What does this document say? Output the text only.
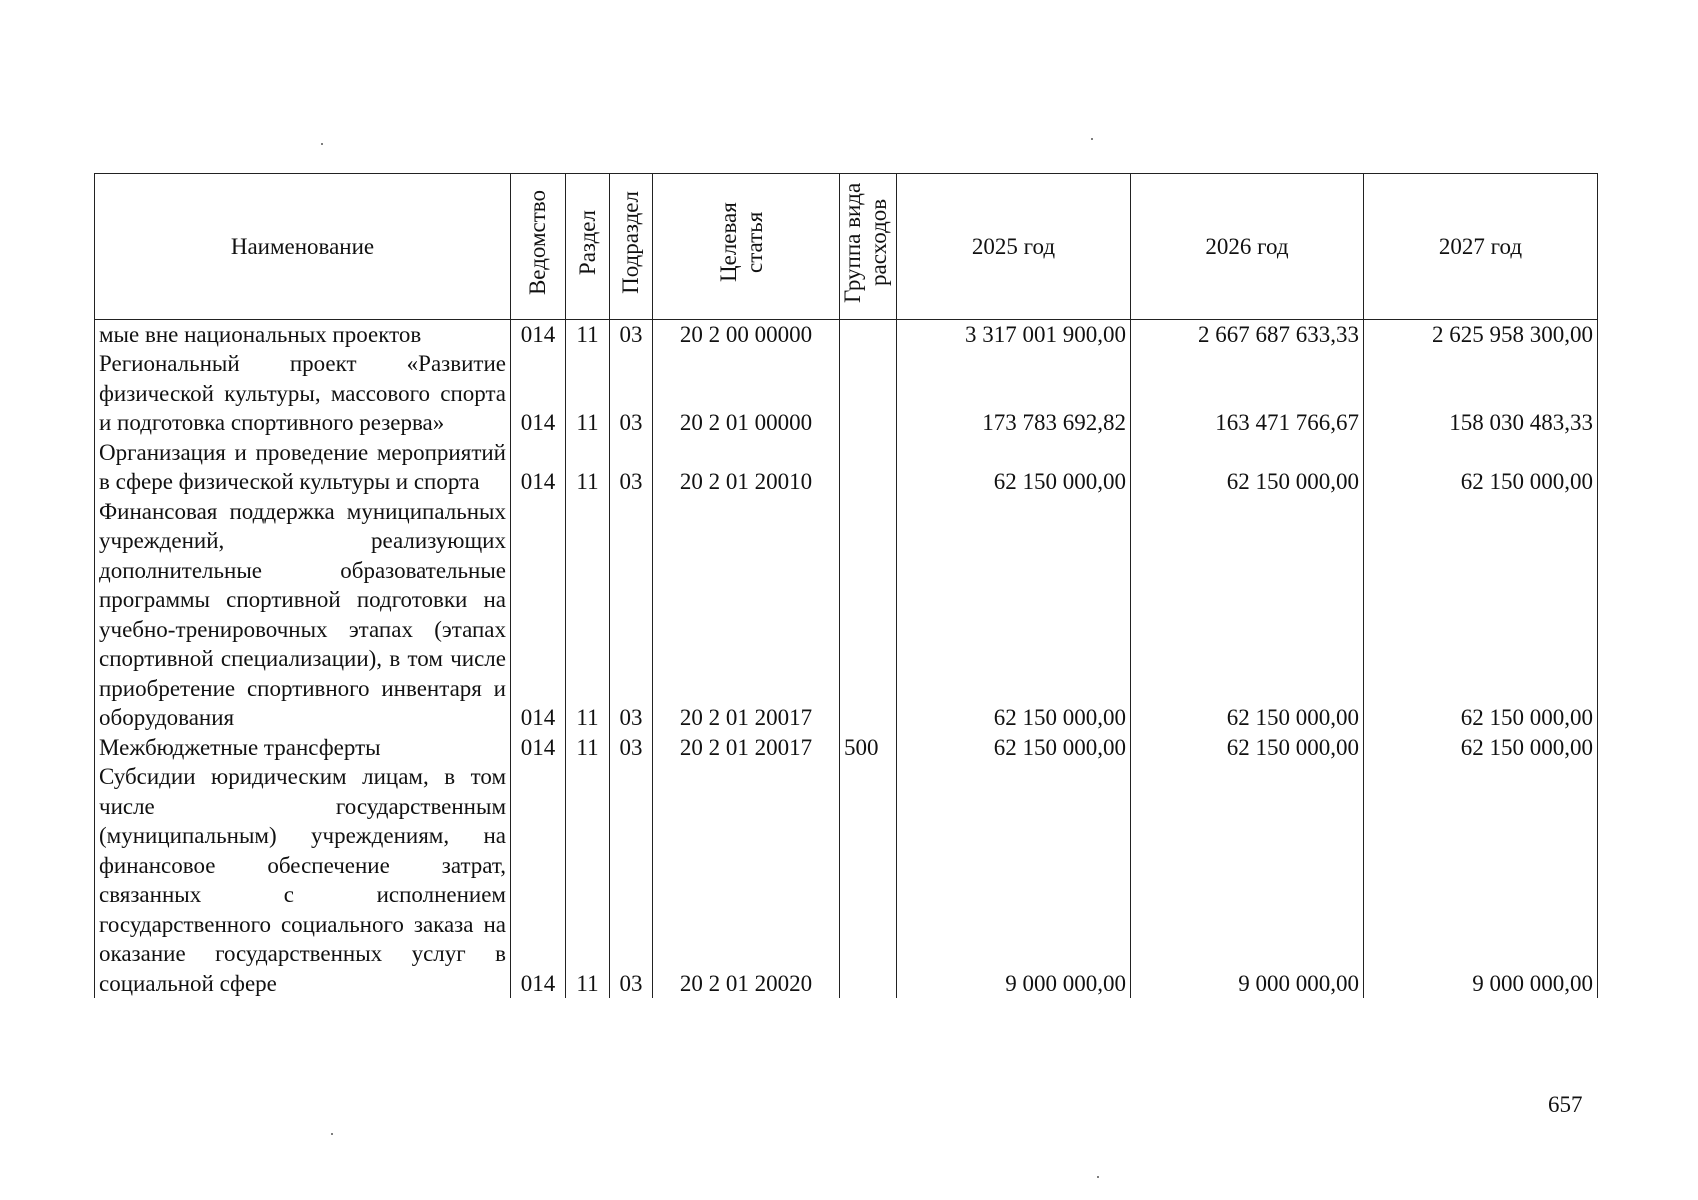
Наименование	Ведомство	Раздел	Подраздел	Целевая статья	Группа вида расходов	2025 год	2026 год	2027 год
мые вне национальных проектов	014	11	03	20 2 00 00000		3 317 001 900,00	2 667 687 633,33	2 625 958 300,00
Региональный проект «Развитие физической культуры, массового спорта и подготовка спортивного резерва»	014	11	03	20 2 01 00000		173 783 692,82	163 471 766,67	158 030 483,33
Организация и проведение мероприятий в сфере физической культуры и спорта	014	11	03	20 2 01 20010		62 150 000,00	62 150 000,00	62 150 000,00
Финансовая поддержка муниципальных учреждений, реализующих дополнительные образовательные программы спортивной подготовки на учебно-тренировочных этапах (этапах спортивной специализации), в том числе приобретение спортивного инвентаря и оборудования	014	11	03	20 2 01 20017		62 150 000,00	62 150 000,00	62 150 000,00
Межбюджетные трансферты	014	11	03	20 2 01 20017	500	62 150 000,00	62 150 000,00	62 150 000,00
Субсидии юридическим лицам, в том числе государственным (муниципальным) учреждениям, на финансовое обеспечение затрат, связанных с исполнением государственного социального заказа на оказание государственных услуг в социальной сфере	014	11	03	20 2 01 20020		9 000 000,00	9 000 000,00	9 000 000,00
657
